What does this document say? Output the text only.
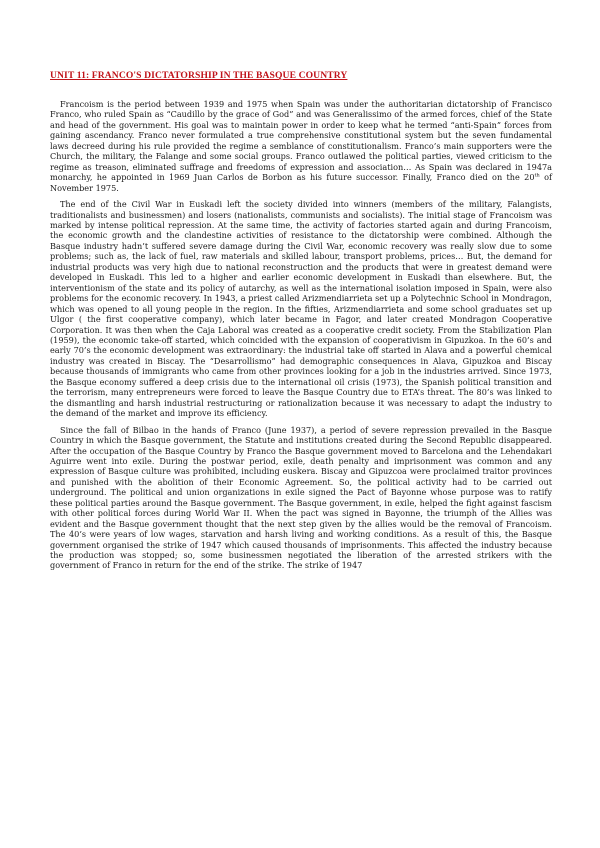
UNIT 11: FRANCO'S DICTATORSHIP IN THE BASQUE COUNTRY

Francoism is the period between 1939 and 1975 when Spain was under the authoritarian dictatorship of Francisco Franco, who ruled Spain as “Caudillo by the grace of God” and was Generalissimo of the armed forces, chief of the State and head of the government. His goal was to maintain power in order to keep what he termed “anti-Spain” forces from gaining ascendancy. Franco never formulated a true comprehensive constitutional system but the seven fundamental laws decreed during his rule provided the regime a semblance of constitutionalism. Franco’s main supporters were the Church, the military, the Falange and some social groups. Franco outlawed the political parties, viewed criticism to the regime as treason, eliminated suffrage and freedoms of expression and association… As Spain was declared in 1947a monarchy, he appointed in 1969 Juan Carlos de Borbon as his future successor. Finally, Franco died on the 20th of November 1975.

The end of the Civil War in Euskadi left the society divided into winners (members of the military, Falangists, traditionalists and businessmen) and losers (nationalists, communists and socialists). The initial stage of Francoism was marked by intense political repression. At the same time, the activity of factories started again and during Francoism, the economic growth and the clandestine activities of resistance to the dictatorship were combined. Although the Basque industry hadn’t suffered severe damage during the Civil War, economic recovery was really slow due to some problems; such as, the lack of fuel, raw materials and skilled labour, transport problems, prices… But, the demand for industrial products was very high due to national reconstruction and the products that were in greatest demand were developed in Euskadi. This led to a higher and earlier economic development in Euskadi than elsewhere. But, the interventionism of the state and its policy of autarchy, as well as the international isolation imposed in Spain, were also problems for the economic recovery. In 1943, a priest called Arizmendiarrieta set up a Polytechnic School in Mondragon, which was opened to all young people in the region. In the fifties, Arizmendiarrieta and some school graduates set up Ulgor ( the first cooperative company), which later became in Fagor, and later created Mondragon Cooperative Corporation. It was then when the Caja Laboral was created as a cooperative credit society. From the Stabilization Plan (1959), the economic take-off started, which coincided with the expansion of cooperativism in Gipuzkoa. In the 60’s and early 70’s the economic development was extraordinary: the industrial take off started in Alava and a powerful chemical industry was created in Biscay. The “Desarrollismo” had demographic consequences in Alava, Gipuzkoa and Biscay because thousands of immigrants who came from other provinces looking for a job in the industries arrived. Since 1973, the Basque economy suffered a deep crisis due to the international oil crisis (1973), the Spanish political transition and the terrorism, many entrepreneurs were forced to leave the Basque Country due to ETA’s threat. The 80’s was linked to the dismantling and harsh industrial restructuring or rationalization because it was necessary to adapt the industry to the demand of the market and improve its efficiency.

Since the fall of Bilbao in the hands of Franco (June 1937), a period of severe repression prevailed in the Basque Country in which the Basque government, the Statute and institutions created during the Second Republic disappeared. After the occupation of the Basque Country by Franco the Basque government moved to Barcelona and the Lehendakari Aguirre went into exile. During the postwar period, exile, death penalty and imprisonment was common and any expression of Basque culture was prohibited, including euskera. Biscay and Gipuzcoa were proclaimed traitor provinces and punished with the abolition of their Economic Agreement. So, the political activity had to be carried out underground. The political and union organizations in exile signed the Pact of Bayonne whose purpose was to ratify these political parties around the Basque government. The Basque government, in exile, helped the fight against fascism with other political forces during World War II. When the pact was signed in Bayonne, the triumph of the Allies was evident and the Basque government thought that the next step given by the allies would be the removal of Francoism. The 40’s were years of low wages, starvation and harsh living and working conditions. As a result of this, the Basque government organised the strike of 1947 which caused thousands of imprisonments. This affected the industry because the production was stopped; so, some businessmen negotiated the liberation of the arrested strikers with the government of Franco in return for the end of the strike. The strike of 1947
